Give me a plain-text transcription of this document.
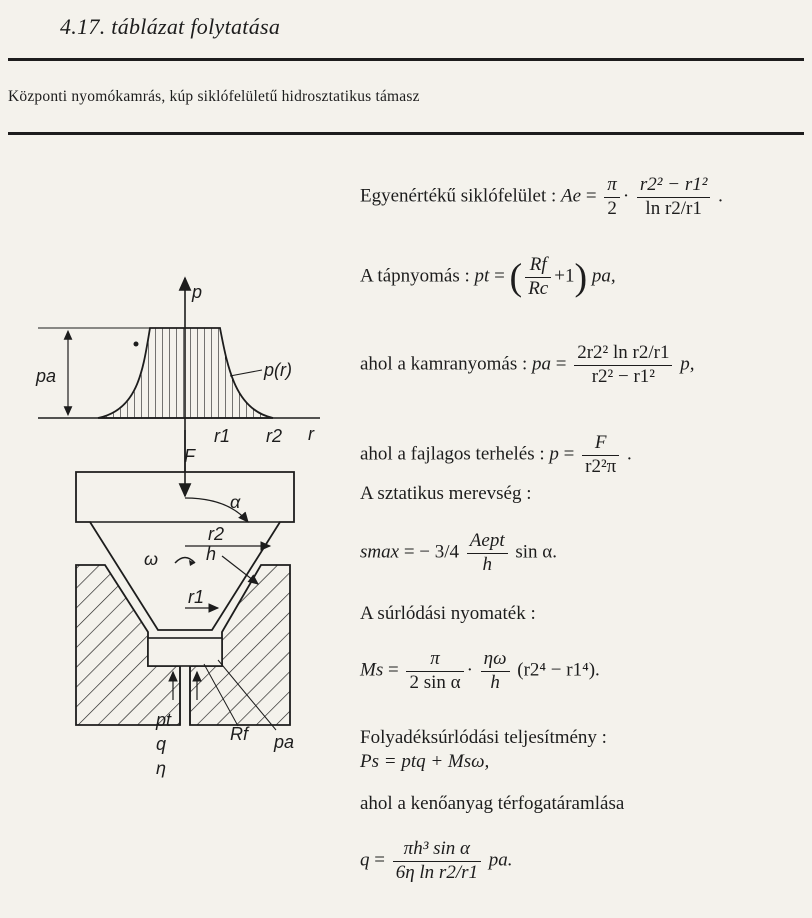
4.17. táblázat folytatása
Központi nyomókamrás, kúp siklófelületű hidrosztatikus támasz
p
pa	p(r)
r1 r2 r
F
α
r2
h
ω
r1
pt
q
η
Rf pa
Egyenértékű siklófelület : $Ae = \frac{\pi}{2} \cdot \frac{\text{r2² − r1²}}{\text{ln r2/r1}}$ .
A tápnyomás : pt = ( $\frac{Rf}{Rc} +1$) pa,
ahol a kamranyomás : pa = $\frac{\text{2r2² ln r2/r1}}{\text{r2² − r1²}} p$,
ahol a fajlagos terhelés : $p = \frac{F}{\text{r2²π}}$ .
A sztatikus merevség :
smax = − $3/4 \frac{\text{Aept}}{h}$ sin α.
A súrlódási nyomaték :
$Ms = \frac{\pi}{\text{2 sin α}} \cdot \frac{\eta\omega}{h} (r2^4 - r1^4)$.
Folyadéksúrlódási teljesítmény :
Ps = ptq + Msω,
ahol a kenőanyag térfogatáramlása
$q = \frac{\text{πh³ sin α}}{\text{6η ln r2/r1}}$ pa.
